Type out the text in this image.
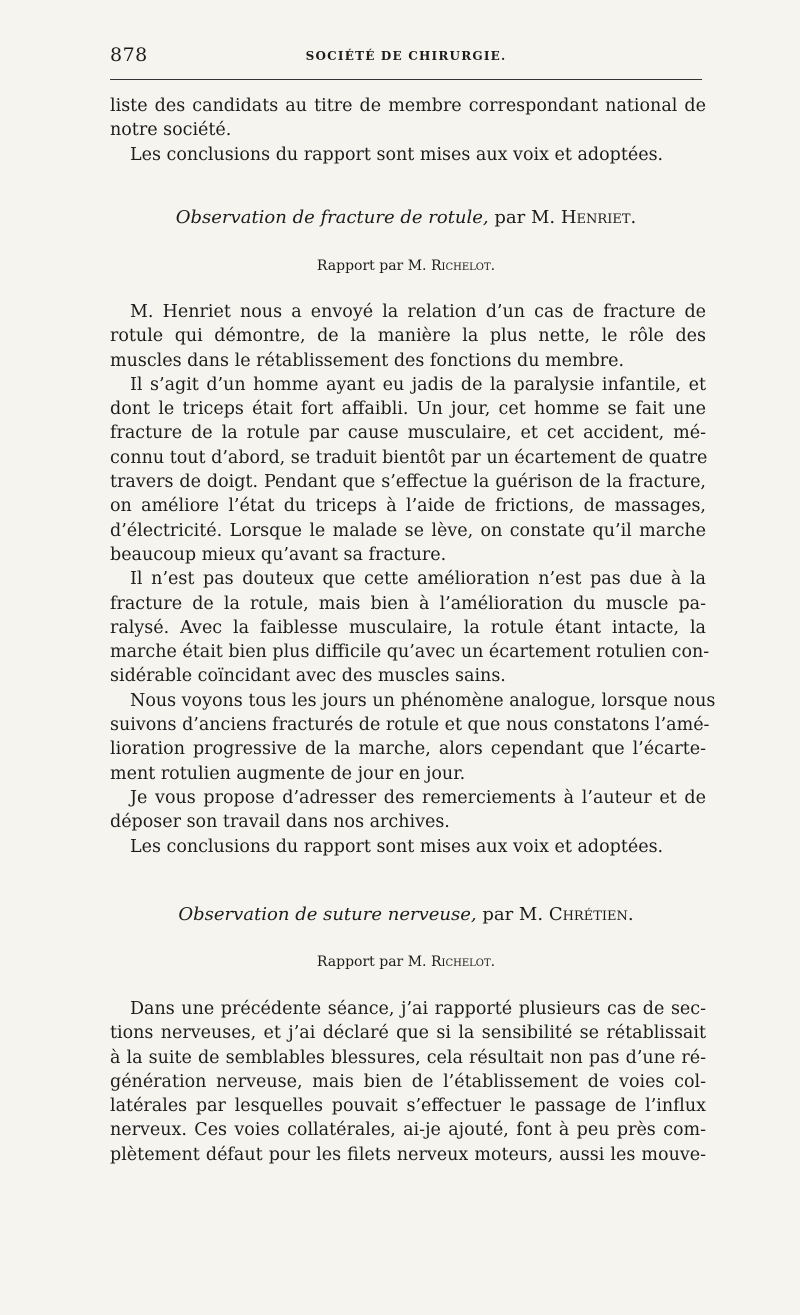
878	SOCIÉTÉ DE CHIRURGIE.
liste des candidats au titre de membre correspondant national de
notre société.
Les conclusions du rapport sont mises aux voix et adoptées.
Observation de fracture de rotule, par M. Henriet.
Rapport par M. Richelot.
M. Henriet nous a envoyé la relation d’un cas de fracture de
rotule qui démontre, de la manière la plus nette, le rôle des
muscles dans le rétablissement des fonctions du membre.
Il s’agit d’un homme ayant eu jadis de la paralysie infantile, et
dont le triceps était fort affaibli. Un jour, cet homme se fait une
fracture de la rotule par cause musculaire, et cet accident, mé-
connu tout d’abord, se traduit bientôt par un écartement de quatre
travers de doigt. Pendant que s’effectue la guérison de la fracture,
on améliore l’état du triceps à l’aide de frictions, de massages,
d’électricité. Lorsque le malade se lève, on constate qu’il marche
beaucoup mieux qu’avant sa fracture.
Il n’est pas douteux que cette amélioration n’est pas due à la
fracture de la rotule, mais bien à l’amélioration du muscle pa-
ralysé. Avec la faiblesse musculaire, la rotule étant intacte, la
marche était bien plus difficile qu’avec un écartement rotulien con-
sidérable coïncidant avec des muscles sains.
Nous voyons tous les jours un phénomène analogue, lorsque nous
suivons d’anciens fracturés de rotule et que nous constatons l’amé-
lioration progressive de la marche, alors cependant que l’écarte-
ment rotulien augmente de jour en jour.
Je vous propose d’adresser des remerciements à l’auteur et de
déposer son travail dans nos archives.
Les conclusions du rapport sont mises aux voix et adoptées.
Observation de suture nerveuse, par M. Chrétien.
Rapport par M. Richelot.
Dans une précédente séance, j’ai rapporté plusieurs cas de sec-
tions nerveuses, et j’ai déclaré que si la sensibilité se rétablissait
à la suite de semblables blessures, cela résultait non pas d’une ré-
génération nerveuse, mais bien de l’établissement de voies col-
latérales par lesquelles pouvait s’effectuer le passage de l’influx
nerveux. Ces voies collatérales, ai-je ajouté, font à peu près com-
plètement défaut pour les filets nerveux moteurs, aussi les mouve-
